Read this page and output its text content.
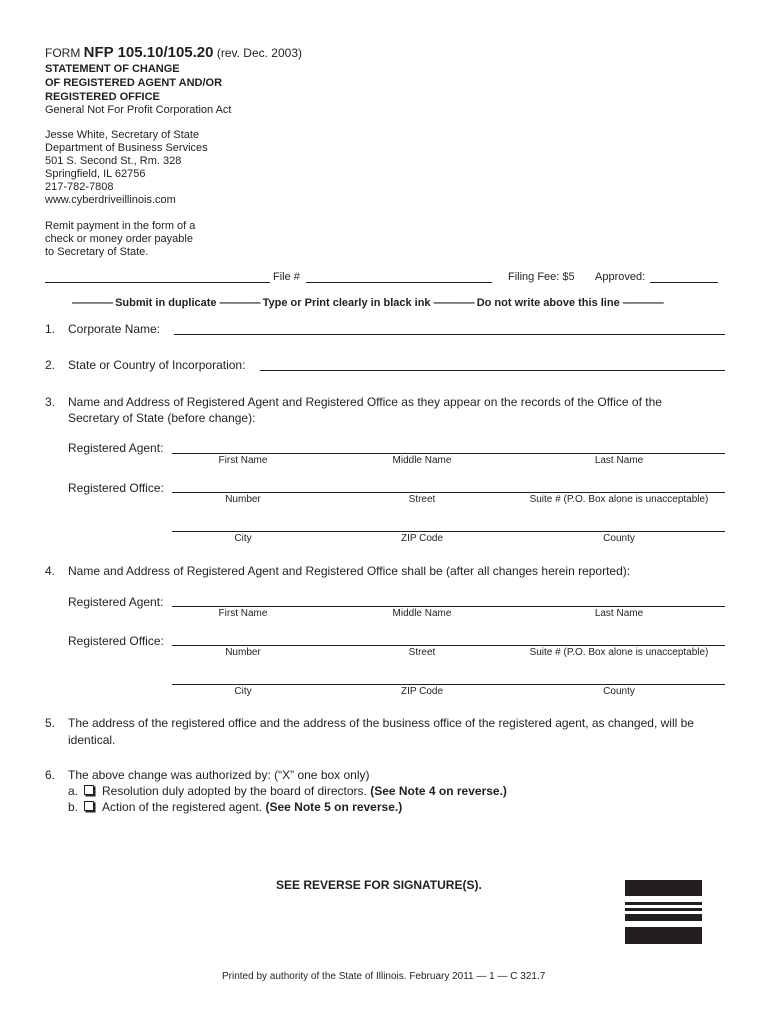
FORM NFP 105.10/105.20 (rev. Dec. 2003)
STATEMENT OF CHANGE
OF REGISTERED AGENT AND/OR
REGISTERED OFFICE
General Not For Profit Corporation Act
Jesse White, Secretary of State
Department of Business Services
501 S. Second St., Rm. 328
Springfield, IL 62756
217-782-7808
www.cyberdriveillinois.com
Remit payment in the form of a
check or money order payable
to Secretary of State.
File #	Filing Fee: $5 Approved:
———— Submit in duplicate ———— Type or Print clearly in black ink ———— Do not write above this line ————
1. Corporate Name:
2. State or Country of Incorporation:
3. Name and Address of Registered Agent and Registered Office as they appear on the records of the Office of the
Secretary of State (before change):
Registered Agent:
First Name	Middle Name	Last Name
Registered Office:
Number	Street	Suite # (P.O. Box alone is unacceptable)
City	ZIP Code	County
4. Name and Address of Registered Agent and Registered Office shall be (after all changes herein reported):
Registered Agent:
First Name	Middle Name	Last Name
Registered Office:
Number	Street	Suite # (P.O. Box alone is unacceptable)
City	ZIP Code	County
5. The address of the registered office and the address of the business office of the registered agent, as changed, will be
identical.
6. The above change was authorized by: (“X” one box only)
a. Resolution duly adopted by the board of directors. (See Note 4 on reverse.)
b. Action of the registered agent. (See Note 5 on reverse.)
SEE REVERSE FOR SIGNATURE(S).
Printed by authority of the State of Illinois. February 2011 — 1 — C 321.7
